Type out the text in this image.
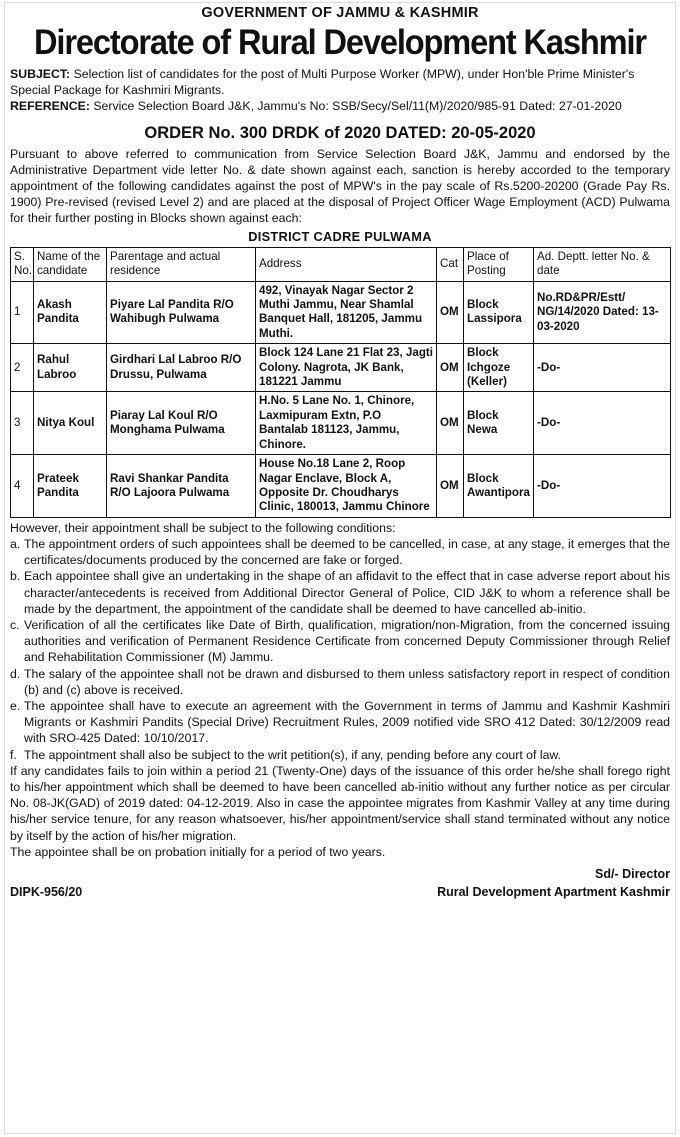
GOVERNMENT OF JAMMU & KASHMIR

Directorate of Rural Development Kashmir

SUBJECT: Selection list of candidates for the post of Multi Purpose Worker (MPW), under Hon'ble Prime Minister's Special Package for Kashmiri Migrants.

REFERENCE: Service Selection Board J&K, Jammu's No: SSB/Secy/Sel/11(M)/2020/985-91 Dated: 27-01-2020

ORDER No. 300 DRDK of 2020 DATED: 20-05-2020

Pursuant to above referred to communication from Service Selection Board J&K, Jammu and endorsed by the Administrative Department vide letter No. & date shown against each, sanction is hereby accorded to the temporary appointment of the following candidates against the post of MPW's in the pay scale of Rs.5200-20200 (Grade Pay Rs. 1900) Pre-revised (revised Level 2) and are placed at the disposal of Project Officer Wage Employment (ACD) Pulwama for their further posting in Blocks shown against each:

DISTRICT CADRE PULWAMA

S. No.	Name of the candidate	Parentage and actual residence	Address	Cat	Place of Posting	Ad. Deptt. letter No. & date
1	Akash Pandita	Piyare Lal Pandita R/O Wahibugh Pulwama	492, Vinayak Nagar Sector 2 Muthi Jammu, Near Shamlal Banquet Hall, 181205, Jammu Muthi.	OM	Block Lassipora	No.RD&PR/Estt/ NG/14/2020 Dated: 13-03-2020
2	Rahul Labroo	Girdhari Lal Labroo R/O Drussu, Pulwama	Block 124 Lane 21 Flat 23, Jagti Colony. Nagrota, JK Bank, 181221 Jammu	OM	Block Ichgoze (Keller)	-Do-
3	Nitya Koul	Piaray Lal Koul R/O Monghama Pulwama	H.No. 5 Lane No. 1, Chinore, Laxmipuram Extn, P.O Bantalab 181123, Jammu, Chinore.	OM	Block Newa	-Do-
4	Prateek Pandita	Ravi Shankar Pandita R/O Lajoora Pulwama	House No.18 Lane 2, Roop Nagar Enclave, Block A, Opposite Dr. Choudharys Clinic, 180013, Jammu Chinore	OM	Block Awantipora	-Do-

However, their appointment shall be subject to the following conditions:

a. The appointment orders of such appointees shall be deemed to be cancelled, in case, at any stage, it emerges that the certificates/documents produced by the concerned are fake or forged.
b. Each appointee shall give an undertaking in the shape of an affidavit to the effect that in case adverse report about his character/antecedents is received from Additional Director General of Police, CID J&K to whom a reference shall be made by the department, the appointment of the candidate shall be deemed to have cancelled ab-initio.
c. Verification of all the certificates like Date of Birth, qualification, migration/non-Migration, from the concerned issuing authorities and verification of Permanent Residence Certificate from concerned Deputy Commissioner through Relief and Rehabilitation Commissioner (M) Jammu.
d. The salary of the appointee shall not be drawn and disbursed to them unless satisfactory report in respect of condition (b) and (c) above is received.
e. The appointee shall have to execute an agreement with the Government in terms of Jammu and Kashmir Kashmiri Migrants or Kashmiri Pandits (Special Drive) Recruitment Rules, 2009 notified vide SRO 412 Dated: 30/12/2009 read with SRO-425 Dated: 10/10/2017.
f. The appointment shall also be subject to the writ petition(s), if any, pending before any court of law.

If any candidates fails to join within a period 21 (Twenty-One) days of the issuance of this order he/she shall forego right to his/her appointment which shall be deemed to have been cancelled ab-initio without any further notice as per circular No. 08-JK(GAD) of 2019 dated: 04-12-2019. Also in case the appointee migrates from Kashmir Valley at any time during his/her service tenure, for any reason whatsoever, his/her appointment/service shall stand terminated without any notice by itself by the action of his/her migration.

The appointee shall be on probation initially for a period of two years.

Sd/- Director

DIPK-956/20	Rural Development Apartment Kashmir
